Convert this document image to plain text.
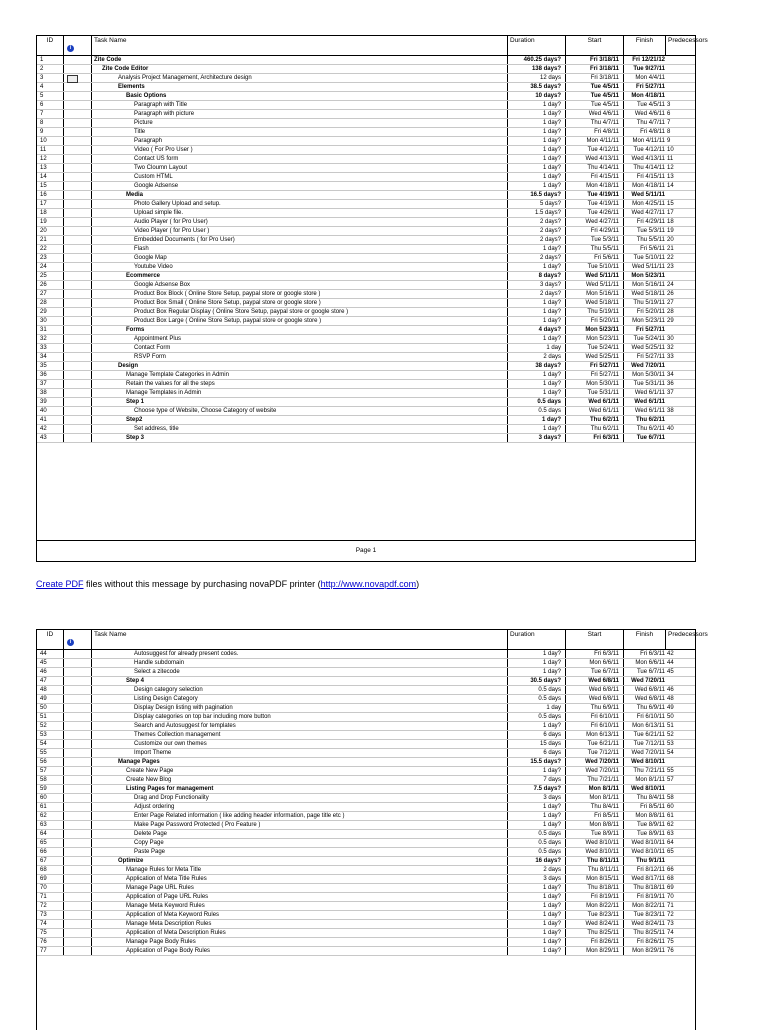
ID
i
Task Name	Duration	Start	Finish	Predecessors
1	Zite Code	460.25 days?	Fri 3/18/11	Fri 12/21/12
2	Zite Code Editor	138 days?	Fri 3/18/11	Tue 9/27/11
3	Analysis Project Management, Architecture design	12 days	Fri 3/18/11	Mon 4/4/11
4	Elements	38.5 days?	Tue 4/5/11	Fri 5/27/11
5	Basic Options	10 days?	Tue 4/5/11	Mon 4/18/11
6	Paragraph with Title	1 day?	Tue 4/5/11	Tue 4/5/11 3
7	Paragraph with picture	1 day?	Wed 4/6/11	Wed 4/6/11 6
8	Picture	1 day?	Thu 4/7/11	Thu 4/7/11 7
9	Title	1 day?	Fri 4/8/11	Fri 4/8/11 8
10	Paragraph	1 day?	Mon 4/11/11	Mon 4/11/11 9
11	Video ( For Pro User )	1 day?	Tue 4/12/11	Tue 4/12/11 10
12	Contact US form	1 day?	Wed 4/13/11	Wed 4/13/11 11
13	Two Cloumn Layout	1 day?	Thu 4/14/11	Thu 4/14/11 12
14	Custom HTML	1 day?	Fri 4/15/11	Fri 4/15/11 13
15	Google Adsense	1 day?	Mon 4/18/11	Mon 4/18/11 14
16	Media	16.5 days?	Tue 4/19/11	Wed 5/11/11
17	Photo Gallery Upload and setup.	5 days?	Tue 4/19/11	Mon 4/25/11 15
18	Upload simple file.	1.5 days?	Tue 4/26/11	Wed 4/27/11 17
19	Audio Player ( for Pro User)	2 days?	Wed 4/27/11	Fri 4/29/11 18
20	Video Player ( for Pro User )	2 days?	Fri 4/29/11	Tue 5/3/11 19
21	Embedded Documents ( for Pro User)	2 days?	Tue 5/3/11	Thu 5/5/11 20
22	Flash	1 day?	Thu 5/5/11	Fri 5/6/11 21
23	Google Map	2 days?	Fri 5/6/11	Tue 5/10/11 22
24	Youtube Video	1 day?	Tue 5/10/11	Wed 5/11/11 23
25	Ecommerce	8 days?	Wed 5/11/11	Mon 5/23/11
26	Google Adsense Box	3 days?	Wed 5/11/11	Mon 5/16/11 24
27	Product Box Block ( Online Store Setup, paypal store or google store )	2 days?	Mon 5/16/11	Wed 5/18/11 26
28	Product Box Small ( Online Store Setup, paypal store or google store )	1 day?	Wed 5/18/11	Thu 5/19/11 27
29	Product Box Regular Display ( Online Store Setup, paypal store or google store )	1 day?	Thu 5/19/11	Fri 5/20/11 28
30	Product Box Large ( Online Store Setup, paypal store or google store )	1 day?	Fri 5/20/11	Mon 5/23/11 29
31	Forms	4 days?	Mon 5/23/11	Fri 5/27/11
32	Appointment Plus	1 day?	Mon 5/23/11	Tue 5/24/11 30
33	Contact Form	1 day	Tue 5/24/11	Wed 5/25/11 32
34	RSVP Form	2 days	Wed 5/25/11	Fri 5/27/11 33
35	Design	38 days?	Fri 5/27/11	Wed 7/20/11
36	Manage Template Categories in Admin	1 day?	Fri 5/27/11	Mon 5/30/11 34
37	Retain the values for all the steps	1 day?	Mon 5/30/11	Tue 5/31/11 36
38	Manage Templates in Admin	1 day?	Tue 5/31/11	Wed 6/1/11 37
39	Step 1	0.5 days	Wed 6/1/11	Wed 6/1/11
40	Choose type of Website, Choose Category of website	0.5 days	Wed 6/1/11	Wed 6/1/11 38
41	Step2	1 day?	Thu 6/2/11	Thu 6/2/11
42	Set address, title	1 day?	Thu 6/2/11	Thu 6/2/11 40
43	Step 3	3 days?	Fri 6/3/11	Tue 6/7/11
Page 1
Create PDF files without this message by purchasing novaPDF printer (http://www.novapdf.com)
ID
i
Task Name	Duration	Start	Finish	Predecessors
44	Autosuggest for already present codes.	1 day?	Fri 6/3/11	Fri 6/3/11 42
45	Handle subdomain	1 day?	Mon 6/6/11	Mon 6/6/11 44
46	Select a zitecode	1 day?	Tue 6/7/11	Tue 6/7/11 45
47	Step 4	30.5 days?	Wed 6/8/11	Wed 7/20/11
48	Design category selection	0.5 days	Wed 6/8/11	Wed 6/8/11 46
49	Listing Design Category	0.5 days	Wed 6/8/11	Wed 6/8/11 48
50	Display Design listing with pagination	1 day	Thu 6/9/11	Thu 6/9/11 49
51	Display categories on top bar including more button	0.5 days	Fri 6/10/11	Fri 6/10/11 50
52	Search and Autosuggest for templates	1 day?	Fri 6/10/11	Mon 6/13/11 51
53	Themes Collection management	6 days	Mon 6/13/11	Tue 6/21/11 52
54	Customize our own themes	15 days	Tue 6/21/11	Tue 7/12/11 53
55	Import Theme	6 days	Tue 7/12/11	Wed 7/20/11 54
56	Manage Pages	15.5 days?	Wed 7/20/11	Wed 8/10/11
57	Create New Page	1 day?	Wed 7/20/11	Thu 7/21/11 55
58	Create New Blog	7 days	Thu 7/21/11	Mon 8/1/11 57
59	Listing Pages for management	7.5 days?	Mon 8/1/11	Wed 8/10/11
60	Drag and Drop Functionality	3 days	Mon 8/1/11	Thu 8/4/11 58
61	Adjust ordering	1 day?	Thu 8/4/11	Fri 8/5/11 60
62	Enter Page Related information ( like adding header information, page title etc )	1 day?	Fri 8/5/11	Mon 8/8/11 61
63	Make Page Password Protected ( Pro Feature )	1 day?	Mon 8/8/11	Tue 8/9/11 62
64	Delete Page	0.5 days	Tue 8/9/11	Tue 8/9/11 63
65	Copy Page	0.5 days	Wed 8/10/11	Wed 8/10/11 64
66	Paste Page	0.5 days	Wed 8/10/11	Wed 8/10/11 65
67	Optimize	16 days?	Thu 8/11/11	Thu 9/1/11
68	Manage Rules for Meta Title	2 days	Thu 8/11/11	Fri 8/12/11 66
69	Application of Meta Title Rules	3 days	Mon 8/15/11	Wed 8/17/11 68
70	Manage Page URL Rules	1 day?	Thu 8/18/11	Thu 8/18/11 69
71	Application of Page URL Rules	1 day?	Fri 8/19/11	Fri 8/19/11 70
72	Manage Meta Keyword Rules	1 day?	Mon 8/22/11	Mon 8/22/11 71
73	Application of Meta Keyword Rules	1 day?	Tue 8/23/11	Tue 8/23/11 72
74	Manage Meta Description Rules	1 day?	Wed 8/24/11	Wed 8/24/11 73
75	Application of Meta Description Rules	1 day?	Thu 8/25/11	Thu 8/25/11 74
76	Manage Page Body Rules	1 day?	Fri 8/26/11	Fri 8/26/11 75
77	Application of Page Body Rules	1 day?	Mon 8/29/11	Mon 8/29/11 76
